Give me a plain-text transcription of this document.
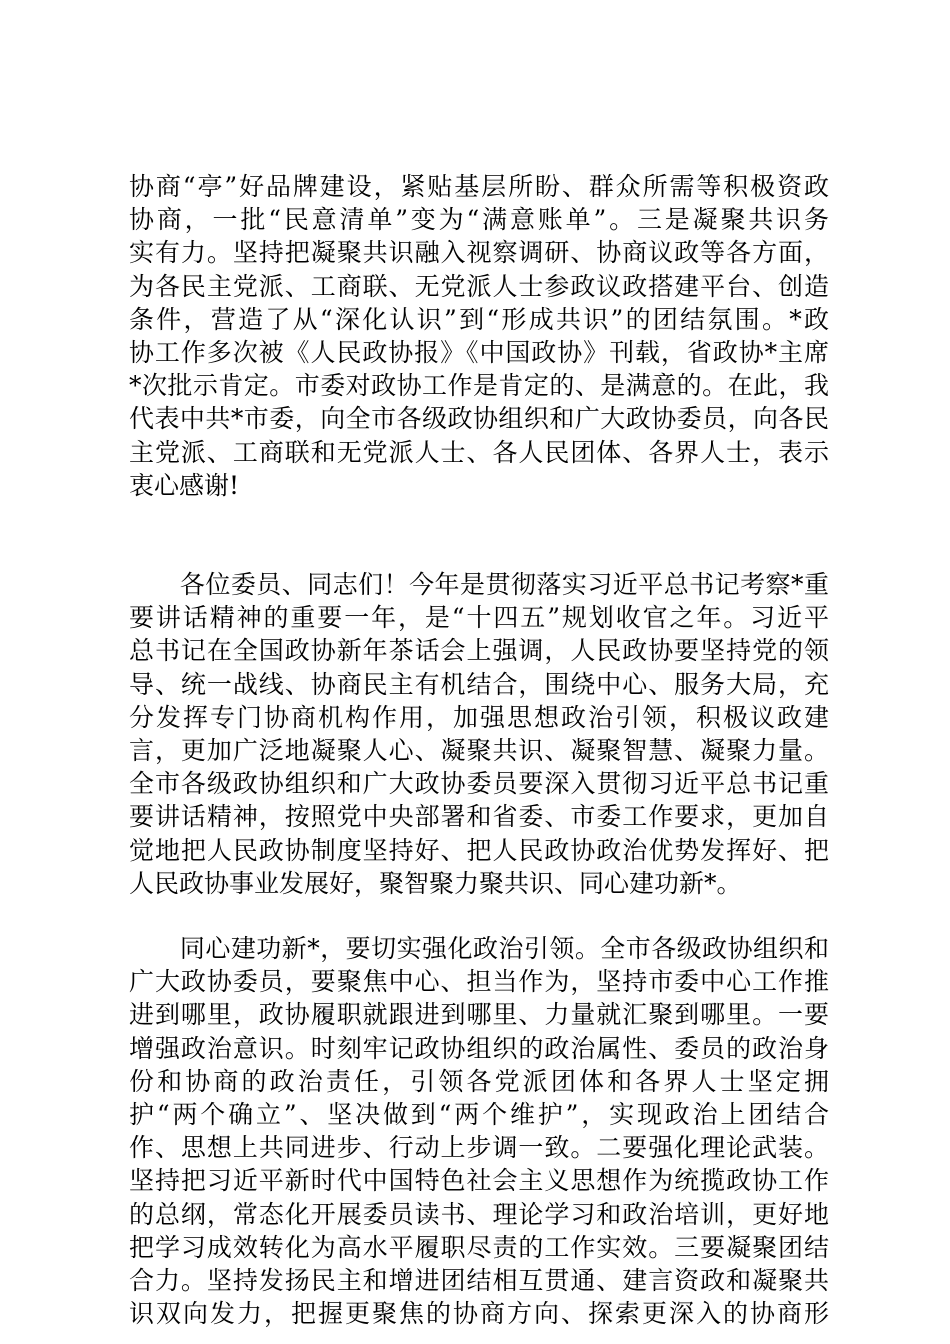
协商“亭”好品牌建设，紧贴基层所盼、群众所需等积极资政
协商，一批“民意清单”变为“满意账单”。三是凝聚共识务
实有力。坚持把凝聚共识融入视察调研、协商议政等各方面，
为各民主党派、工商联、无党派人士参政议政搭建平台、创造
条件，营造了从“深化认识”到“形成共识”的团结氛围。*政
协工作多次被《人民政协报》《中国政协》刊载，省政协*主席
*次批示肯定。市委对政协工作是肯定的、是满意的。在此，我
代表中共*市委，向全市各级政协组织和广大政协委员，向各民
主党派、工商联和无党派人士、各人民团体、各界人士，表示
衷心感谢!
　　各位委员、同志们！今年是贯彻落实习近平总书记考察*重
要讲话精神的重要一年，是“十四五”规划收官之年。习近平
总书记在全国政协新年茶话会上强调，人民政协要坚持党的领
导、统一战线、协商民主有机结合，围绕中心、服务大局，充
分发挥专门协商机构作用，加强思想政治引领，积极议政建
言，更加广泛地凝聚人心、凝聚共识、凝聚智慧、凝聚力量。
全市各级政协组织和广大政协委员要深入贯彻习近平总书记重
要讲话精神，按照党中央部署和省委、市委工作要求，更加自
觉地把人民政协制度坚持好、把人民政协政治优势发挥好、把
人民政协事业发展好，聚智聚力聚共识、同心建功新*。
　　同心建功新*，要切实强化政治引领。全市各级政协组织和
广大政协委员，要聚焦中心、担当作为，坚持市委中心工作推
进到哪里，政协履职就跟进到哪里、力量就汇聚到哪里。一要
增强政治意识。时刻牢记政协组织的政治属性、委员的政治身
份和协商的政治责任，引领各党派团体和各界人士坚定拥
护“两个确立”、坚决做到“两个维护”，实现政治上团结合
作、思想上共同进步、行动上步调一致。二要强化理论武装。
坚持把习近平新时代中国特色社会主义思想作为统揽政协工作
的总纲，常态化开展委员读书、理论学习和政治培训，更好地
把学习成效转化为高水平履职尽责的工作实效。三要凝聚团结
合力。坚持发扬民主和增进团结相互贯通、建言资政和凝聚共
识双向发力，把握更聚焦的协商方向、探索更深入的协商形
